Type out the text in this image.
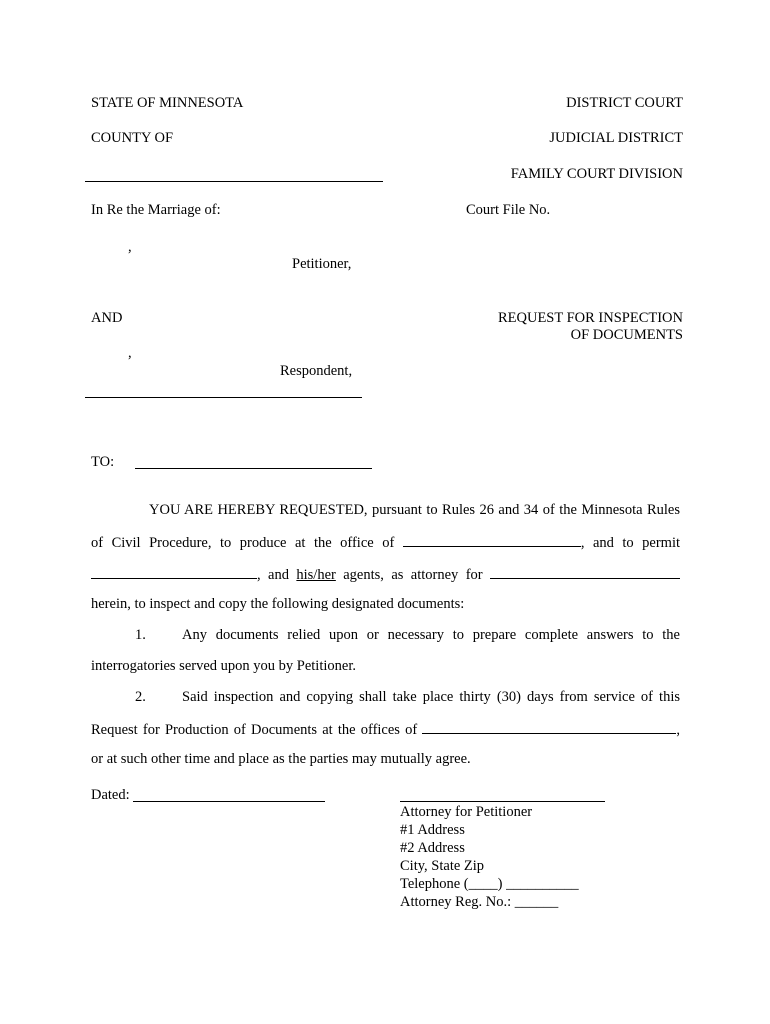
STATE OF MINNESOTA	DISTRICT COURT
COUNTY OF	JUDICIAL DISTRICT
FAMILY COURT DIVISION
In Re the Marriage of:	Court File No.
,
Petitioner,
AND	REQUEST FOR INSPECTION
OF DOCUMENTS
,
Respondent,
TO:
YOU ARE HEREBY REQUESTED, pursuant to Rules 26 and 34 of the Minnesota Rules
of Civil Procedure, to produce at the office of	, and to permit
, and his/her agents, as attorney for
herein, to inspect and copy the following designated documents:
1. Any documents relied upon or necessary to prepare complete answers to the
interrogatories served upon you by Petitioner.
2. Said inspection and copying shall take place thirty (30) days from service of this
Request for Production of Documents at the offices of	,
or at such other time and place as the parties may mutually agree.
Dated:
Attorney for Petitioner
#1 Address
#2 Address
City, State Zip
Telephone (____) __________
Attorney Reg. No.: ______
